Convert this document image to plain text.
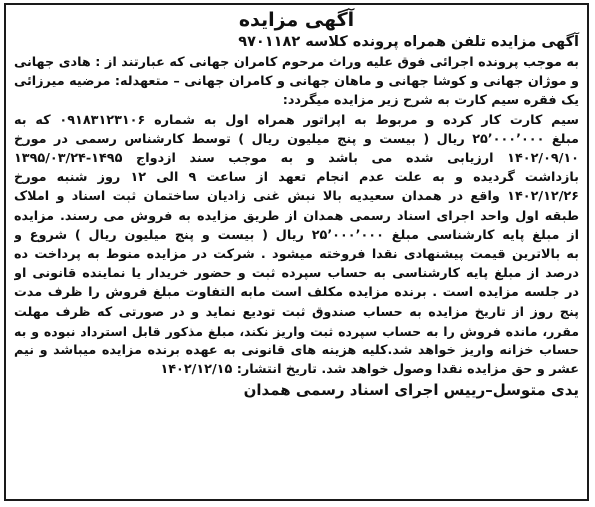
آگهی مزایده

آگهی مزایده تلفن همراه پرونده کلاسه ۹۷۰۱۱۸۲

به موجب پرونده اجرائی فوق علیه وراث مرحوم کامران جهانی که عبارتند از : هادی جهانی
و موژان جهانی و کوشا جهانی و ماهان جهانی و کامران جهانی – متعهدله: مرضیه میرزائی
یک فقره سیم کارت به شرح زیر مزایده میگردد:
سیم کارت کار کرده و مربوط به اپراتور همراه اول به شماره ۰۹۱۸۳۱۲۳۱۰۶ که به
مبلغ ۲۵٬۰۰۰٬۰۰۰ ریال ( بیست و پنج میلیون ریال ) توسط کارشناس رسمی در مورخ
۱۴۰۲/۰۹/۱۰ ارزیابی شده می باشد و به موجب سند ازدواج ۱۴۹۵-۱۳۹۵/۰۳/۲۴
بازداشت گردیده و به علت عدم انجام تعهد از ساعت ۹ الی ۱۲ روز شنبه مورخ
۱۴۰۲/۱۲/۲۶ واقع در همدان سعیدیه بالا نبش غنی زادیان ساختمان ثبت اسناد و املاک
طبقه اول واحد اجرای اسناد رسمی همدان از طریق مزایده به فروش می رسند. مزایده
از مبلغ پایه کارشناسی مبلغ ۲۵٬۰۰۰٬۰۰۰ ریال ( بیست و پنج میلیون ریال ) شروع و
به بالاترین قیمت پیشنهادی نقدا فروخته میشود . شرکت در مزایده منوط به پرداخت ده
درصد از مبلغ پایه کارشناسی به حساب سپرده ثبت و حضور خریدار یا نماینده قانونی او
در جلسه مزایده است . برنده مزایده مکلف است مابه التفاوت مبلغ فروش را ظرف مدت
پنج روز از تاریخ مزایده به حساب صندوق ثبت تودیع نماید و در صورتی که ظرف مهلت
مقرر، مانده فروش را به حساب سپرده ثبت واریز نکند، مبلغ مذکور قابل استرداد نبوده و به
حساب خزانه واریز خواهد شد.کلیه هزینه های قانونی به عهده برنده مزایده میباشد و نیم
عشر و حق مزایده نقدا وصول خواهد شد. تاریخ انتشار: ۱۴۰۲/۱۲/۱۵

یدی متوسل–رییس اجرای اسناد رسمی همدان
